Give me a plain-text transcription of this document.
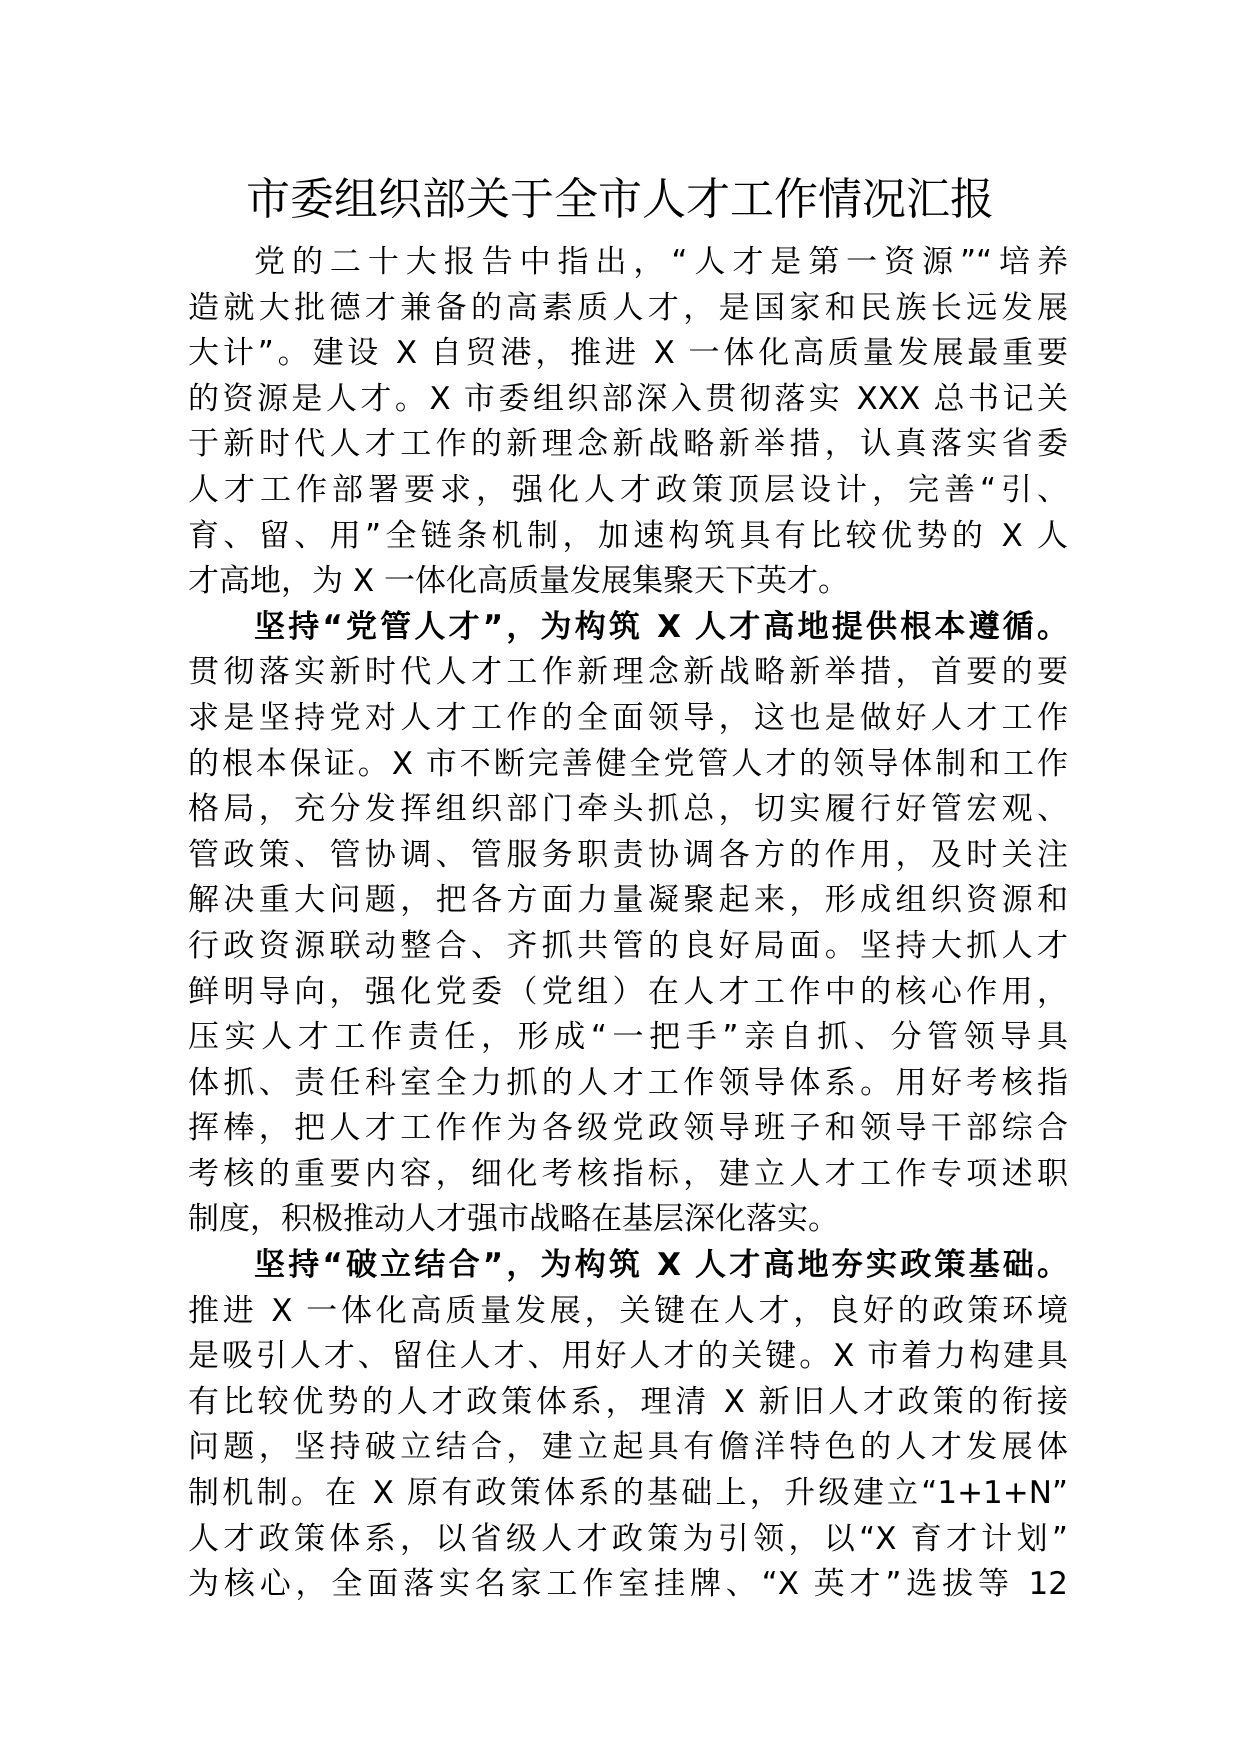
市委组织部关于全市人才工作情况汇报
党的二十大报告中指出，“人才是第一资源”“培养
造就大批德才兼备的高素质人才，是国家和民族长远发展
大计”。建设 X 自贸港，推进 X 一体化高质量发展最重要
的资源是人才。X 市委组织部深入贯彻落实 XXX 总书记关
于新时代人才工作的新理念新战略新举措，认真落实省委
人才工作部署要求，强化人才政策顶层设计，完善“引、
育、留、用”全链条机制，加速构筑具有比较优势的 X 人
才高地，为 X 一体化高质量发展集聚天下英才。
坚持“党管人才”，为构筑 X 人才高地提供根本遵循。
贯彻落实新时代人才工作新理念新战略新举措，首要的要
求是坚持党对人才工作的全面领导，这也是做好人才工作
的根本保证。X 市不断完善健全党管人才的领导体制和工作
格局，充分发挥组织部门牵头抓总，切实履行好管宏观、
管政策、管协调、管服务职责协调各方的作用，及时关注
解决重大问题，把各方面力量凝聚起来，形成组织资源和
行政资源联动整合、齐抓共管的良好局面。坚持大抓人才
鲜明导向，强化党委（党组）在人才工作中的核心作用，
压实人才工作责任，形成“一把手”亲自抓、分管领导具
体抓、责任科室全力抓的人才工作领导体系。用好考核指
挥棒，把人才工作作为各级党政领导班子和领导干部综合
考核的重要内容，细化考核指标，建立人才工作专项述职
制度，积极推动人才强市战略在基层深化落实。
坚持“破立结合”，为构筑 X 人才高地夯实政策基础。
推进 X 一体化高质量发展，关键在人才，良好的政策环境
是吸引人才、留住人才、用好人才的关键。X 市着力构建具
有比较优势的人才政策体系，理清 X 新旧人才政策的衔接
问题，坚持破立结合，建立起具有儋洋特色的人才发展体
制机制。在 X 原有政策体系的基础上，升级建立“1+1+N”
人才政策体系，以省级人才政策为引领，以“X 育才计划”
为核心，全面落实名家工作室挂牌、“X 英才”选拔等 12
